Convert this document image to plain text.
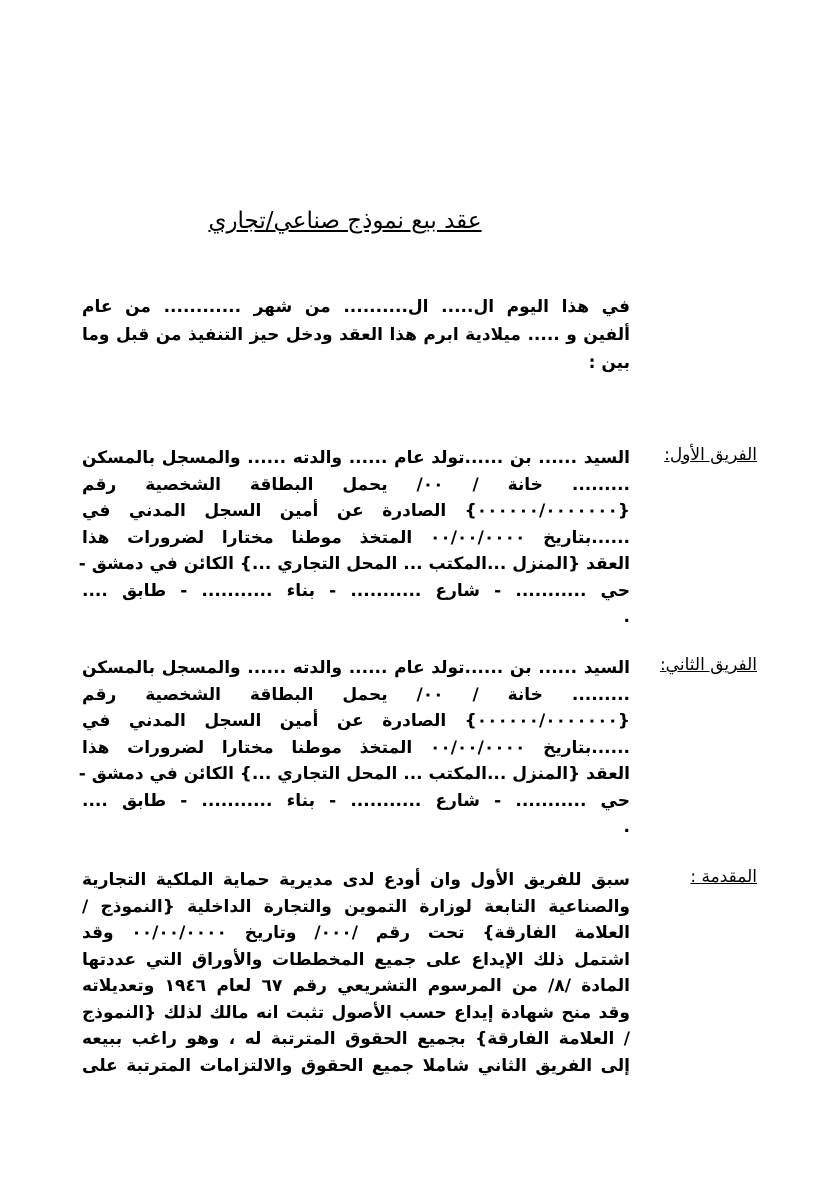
عقد بيع نموذج صناعي/تجاري

في هذا اليوم ال..... ال.......... من شهر ............ من عام

ألفين و ..... ميلادية ابرم هذا العقد ودخل حيز التنفيذ من قبل وما

بين :

الفريق الأول:
السيد ...... بن ......تولد عام ...... والدته ...... والمسجل بالمسكن
......... خانة / ٠٠/ يحمل البطاقة الشخصية رقم
{٠٠٠٠٠٠/٠٠٠٠٠٠٠} الصادرة عن أمين السجل المدني في
......بتاريخ ٠٠/٠٠/٠٠٠٠ المتخذ موطنا مختارا لضرورات هذا
العقد {المنزل ...المكتب ... المحل التجاري ...} الكائن في دمشق -
حي ........... - شارع ........... - بناء ........... - طابق ....
.
الفريق الثاني:
السيد ...... بن ......تولد عام ...... والدته ...... والمسجل بالمسكن
......... خانة / ٠٠/ يحمل البطاقة الشخصية رقم
{٠٠٠٠٠٠/٠٠٠٠٠٠٠} الصادرة عن أمين السجل المدني في
......بتاريخ ٠٠/٠٠/٠٠٠٠ المتخذ موطنا مختارا لضرورات هذا
العقد {المنزل ...المكتب ... المحل التجاري ...} الكائن في دمشق -
حي ........... - شارع ........... - بناء ........... - طابق ....
.
المقدمة :
سبق للفريق الأول وان أودع لدى مديرية حماية الملكية التجارية
والصناعية التابعة لوزارة التموين والتجارة الداخلية {النموذج /
العلامة الفارقة} تحت رقم /٠٠٠/ وتاريخ ٠٠/٠٠/٠٠٠٠ وقد
اشتمل ذلك الإيداع على جميع المخططات والأوراق التي عددتها
المادة /٨/ من المرسوم التشريعي رقم ٦٧ لعام ١٩٤٦ وتعديلاته
وقد منح شهادة إيداع حسب الأصول تثبت انه مالك لذلك {النموذج
/ العلامة الفارقة} بجميع الحقوق المترتبة له ، وهو راغب ببيعه
إلى الفريق الثاني شاملا جميع الحقوق والالتزامات المترتبة على
